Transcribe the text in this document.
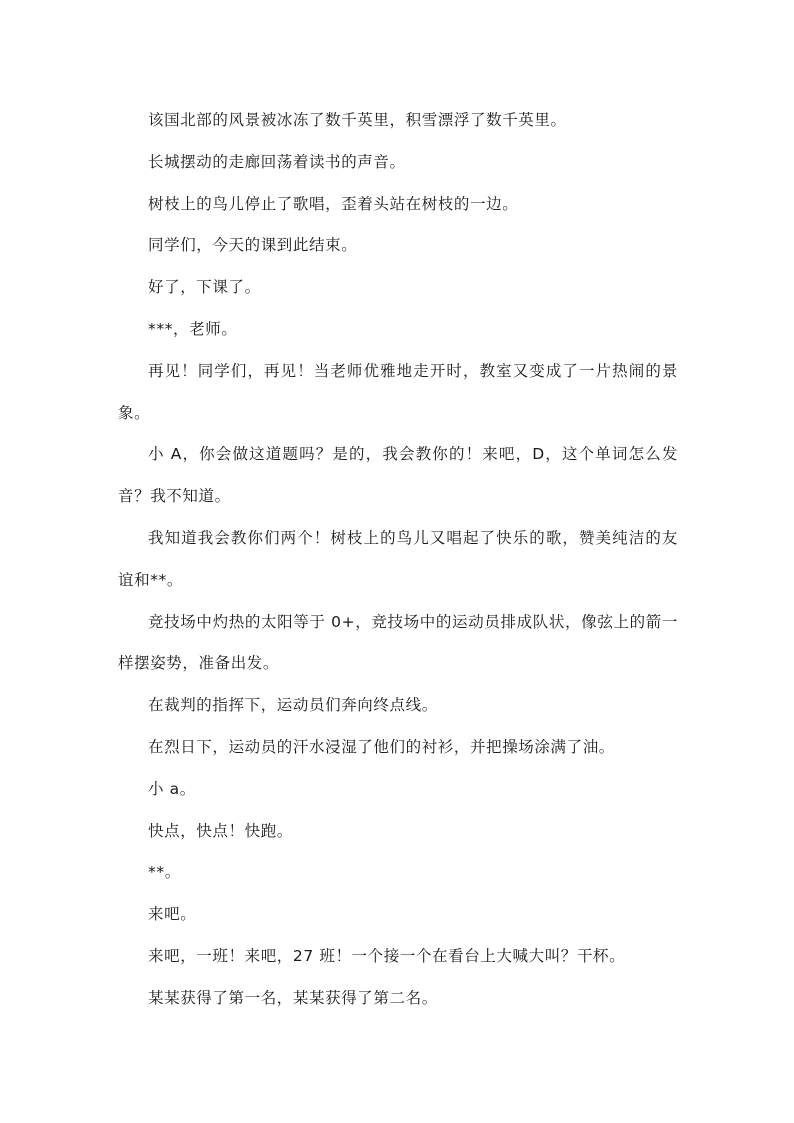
该国北部的风景被冰冻了数千英里，积雪漂浮了数千英里。

长城摆动的走廊回荡着读书的声音。

树枝上的鸟儿停止了歌唱，歪着头站在树枝的一边。

同学们，今天的课到此结束。

好了，下课了。

***，老师。

再见！同学们，再见！当老师优雅地走开时，教室又变成了一片热闹的景象。

小 A，你会做这道题吗？是的，我会教你的！来吧，D，这个单词怎么发音？我不知道。

我知道我会教你们两个！树枝上的鸟儿又唱起了快乐的歌，赞美纯洁的友谊和**。

竞技场中灼热的太阳等于 0+，竞技场中的运动员排成队状，像弦上的箭一样摆姿势，准备出发。

在裁判的指挥下，运动员们奔向终点线。

在烈日下，运动员的汗水浸湿了他们的衬衫，并把操场涂满了油。

小 a。

快点，快点！快跑。

**。

来吧。

来吧，一班！来吧，27 班！一个接一个在看台上大喊大叫？干杯。

某某获得了第一名，某某获得了第二名。
